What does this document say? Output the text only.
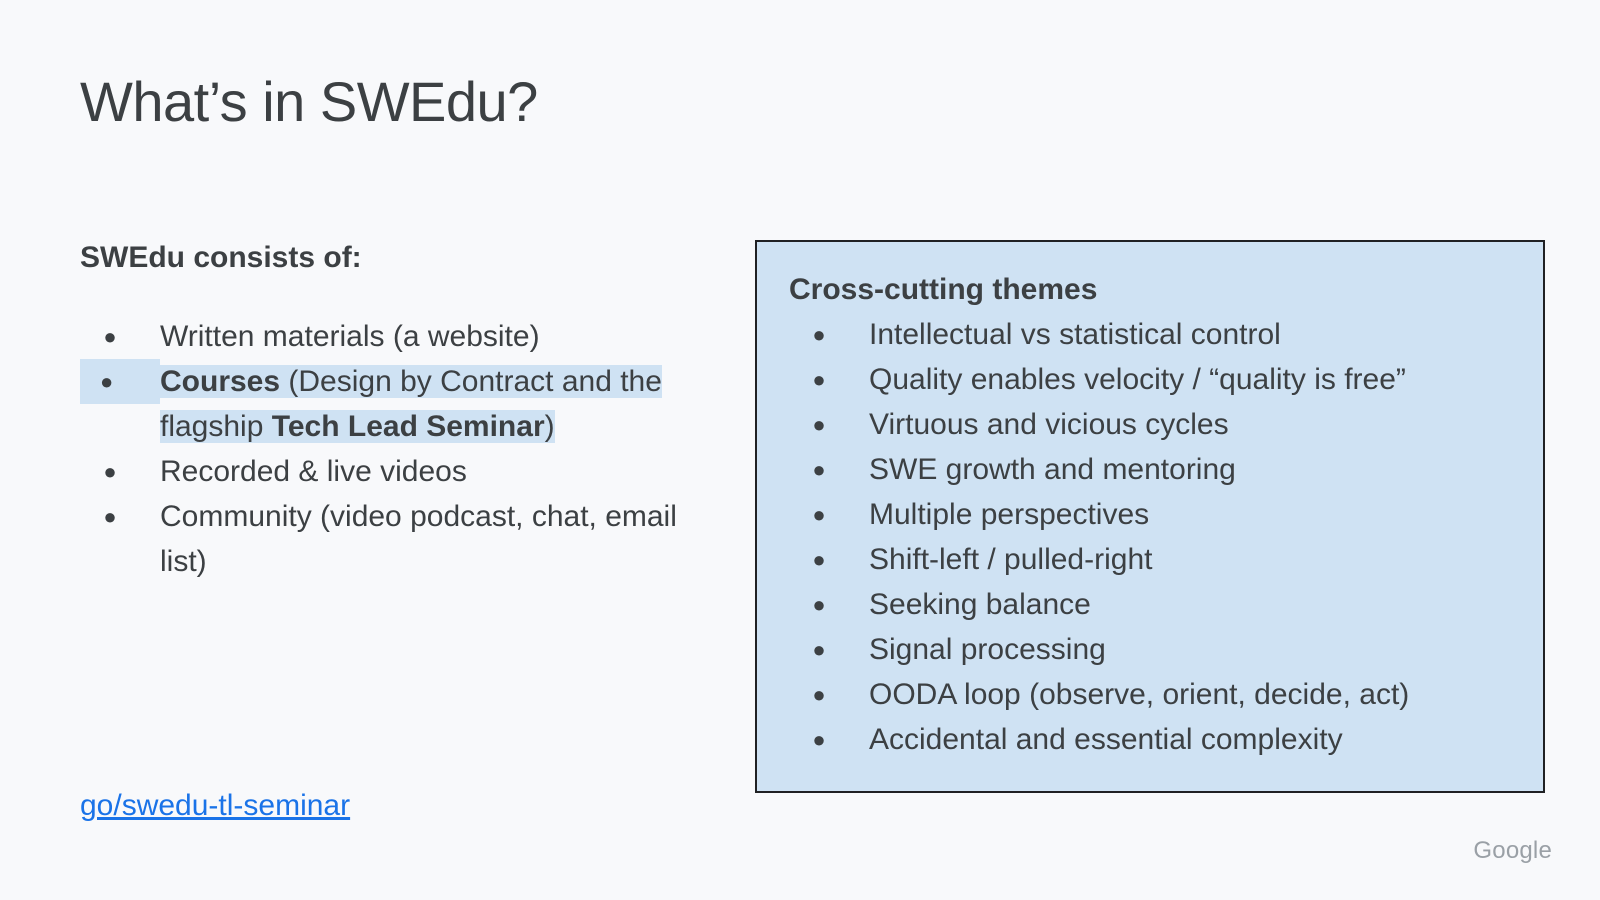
What’s in SWEdu?

SWEdu consists of:

● Written materials (a website)
●	Courses (Design by Contract and the
flagship Tech Lead Seminar)
● Recorded & live videos
● Community (video podcast, chat, email
list)
go/swedu-tl-seminar

Cross-cutting themes

● Intellectual vs statistical control
● Quality enables velocity / “quality is free”
● Virtuous and vicious cycles
● SWE growth and mentoring
● Multiple perspectives
● Shift-left / pulled-right
● Seeking balance
● Signal processing
● OODA loop (observe, orient, decide, act)
● Accidental and essential complexity
Google
